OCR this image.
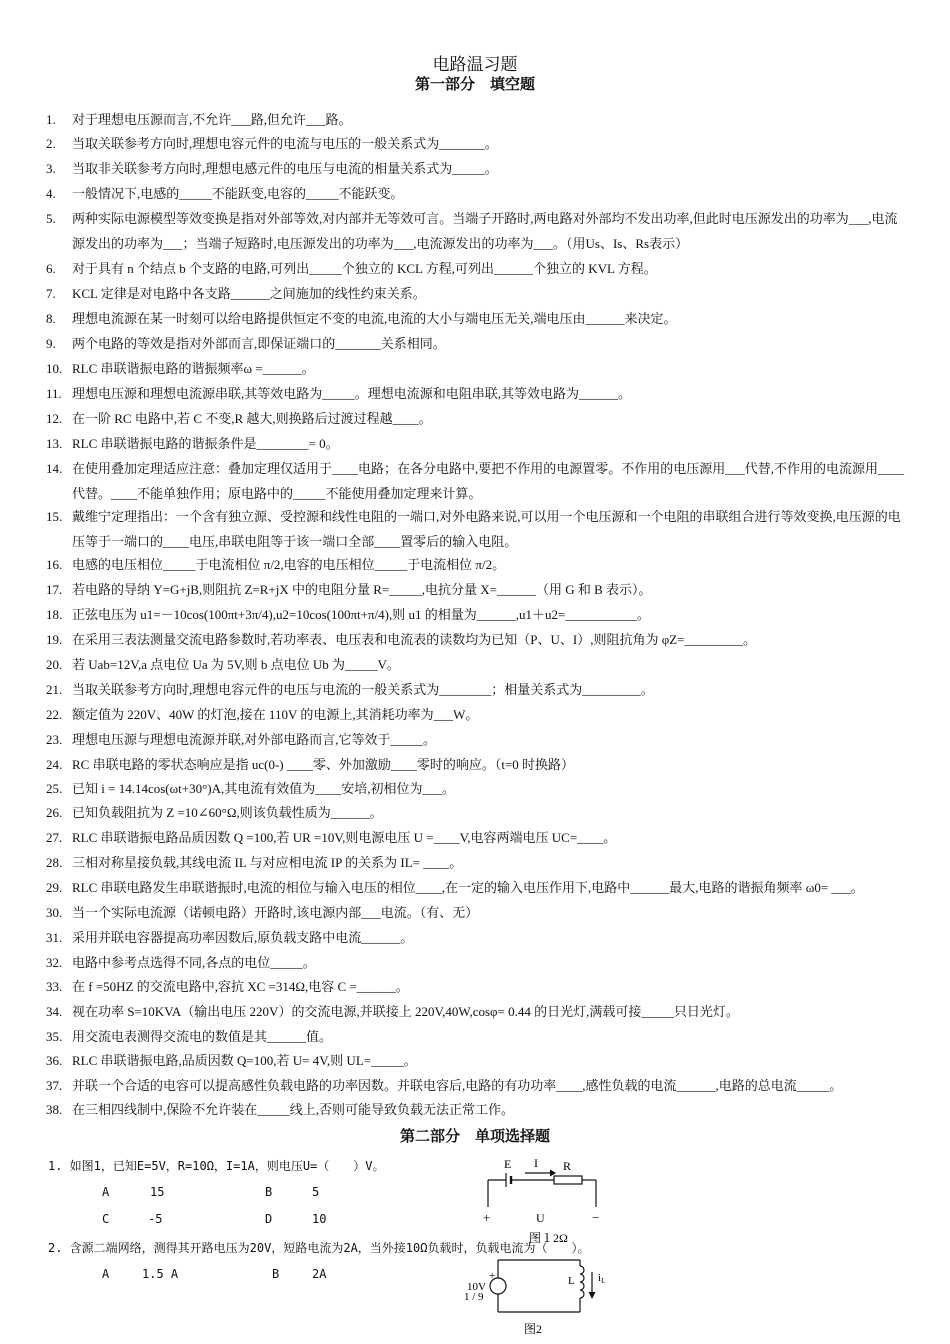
电路温习题
第一部分　填空题
1. 对于理想电压源而言,不允许___路,但允许___路。
2. 当取关联参考方向时,理想电容元件的电流与电压的一般关系式为_______。
3. 当取非关联参考方向时,理想电感元件的电压与电流的相量关系式为_____。
4. 一般情况下,电感的_____不能跃变,电容的_____不能跃变。
5. 两种实际电源模型等效变换是指对外部等效,对内部并无等效可言。当端子开路时,两电路对外部均不发出功率,但此时电压源发出的功率为___,电流源发出的功率为___；当端子短路时,电压源发出的功率为___,电流源发出的功率为___。（用Us、Is、Rs表示）
6. 对于具有 n 个结点 b 个支路的电路,可列出_____个独立的 KCL 方程,可列出______个独立的 KVL 方程。
7. KCL 定律是对电路中各支路______之间施加的线性约束关系。
8. 理想电流源在某一时刻可以给电路提供恒定不变的电流,电流的大小与端电压无关,端电压由______来决定。
9. 两个电路的等效是指对外部而言,即保证端口的_______关系相同。
10. RLC 串联谐振电路的谐振频率ω =______。
11. 理想电压源和理想电流源串联,其等效电路为_____。理想电流源和电阻串联,其等效电路为______。
12. 在一阶 RC 电路中,若 C 不变,R 越大,则换路后过渡过程越____。
13. RLC 串联谐振电路的谐振条件是________= 0。
14. 在使用叠加定理适应注意：叠加定理仅适用于____电路；在各分电路中,要把不作用的电源置零。不作用的电压源用___代替,不作用的电流源用____代替。____不能单独作用；原电路中的_____不能使用叠加定理来计算。
15. 戴维宁定理指出：一个含有独立源、受控源和线性电阻的一端口,对外电路来说,可以用一个电压源和一个电阻的串联组合进行等效变换,电压源的电压等于一端口的____电压,串联电阻等于该一端口全部____置零后的输入电阻。
16. 电感的电压相位_____于电流相位 π/2,电容的电压相位_____于电流相位 π/2。
17. 若电路的导纳 Y=G+jB,则阻抗 Z=R+jX 中的电阻分量 R=_____,电抗分量 X=______（用 G 和 B 表示）。
18. 正弦电压为 u1=－10cos(100πt+3π/4),u2=10cos(100πt+π/4),则 u1 的相量为______,u1＋u2=___________。
19. 在采用三表法测量交流电路参数时,若功率表、电压表和电流表的读数均为已知（P、U、I）,则阻抗角为 φZ=_________。
20. 若 Uab=12V,a 点电位 Ua 为 5V,则 b 点电位 Ub 为_____V。
21. 当取关联参考方向时,理想电容元件的电压与电流的一般关系式为________；相量关系式为_________。
22. 额定值为 220V、40W 的灯泡,接在 110V 的电源上,其消耗功率为___W。
23. 理想电压源与理想电流源并联,对外部电路而言,它等效于_____。
24. RC 串联电路的零状态响应是指 uc(0-) ____零、外加激励____零时的响应。（t=0 时换路）
25. 已知 i = 14.14cos(ωt+30°)A,其电流有效值为____安培,初相位为___。
26. 已知负载阻抗为 Z =10∠60°Ω,则该负载性质为______。
27. RLC 串联谐振电路品质因数 Q =100,若 UR =10V,则电源电压 U =____V,电容两端电压 UC=____。
28. 三相对称星接负载,其线电流 IL 与对应相电流 IP 的关系为 IL= ____。
29. RLC 串联电路发生串联谐振时,电流的相位与输入电压的相位____,在一定的输入电压作用下,电路中______最大,电路的谐振角频率 ω0= ___。
30. 当一个实际电流源（诺顿电路）开路时,该电源内部___电流。（有、无）
31. 采用并联电容器提高功率因数后,原负载支路中电流______。
32. 电路中参考点选得不同,各点的电位_____。
33. 在 f =50HZ 的交流电路中,容抗 XC =314Ω,电容 C =______。
34. 视在功率 S=10KVA（输出电压 220V）的交流电源,并联接上 220V,40W,cosφ= 0.44 的日光灯,满载可接_____只日光灯。
35. 用交流电表测得交流电的数值是其______值。
36. RLC 串联谐振电路,品质因数 Q=100,若 U= 4V,则 UL=_____。
37. 并联一个合适的电容可以提高感性负载电路的功率因数。并联电容后,电路的有功功率____,感性负载的电流______,电路的总电流_____。
38. 在三相四线制中,保险不允许装在_____线上,否则可能导致负载无法正常工作。
第二部分　单项选择题
1. 如图1，已知E=5V，R=10Ω，I=1A，则电压U=（　　）V。
A	15	B	5
C	-5	D	10
2. 含源二端网络，测得其开路电压为20V，短路电流为2A，当外接10Ω负载时，负载电流为（　　）。
A	1.5 A	B	2A
E I R
+	U	−
图１2Ω
+
10V
1 / 9
L iL
图2
